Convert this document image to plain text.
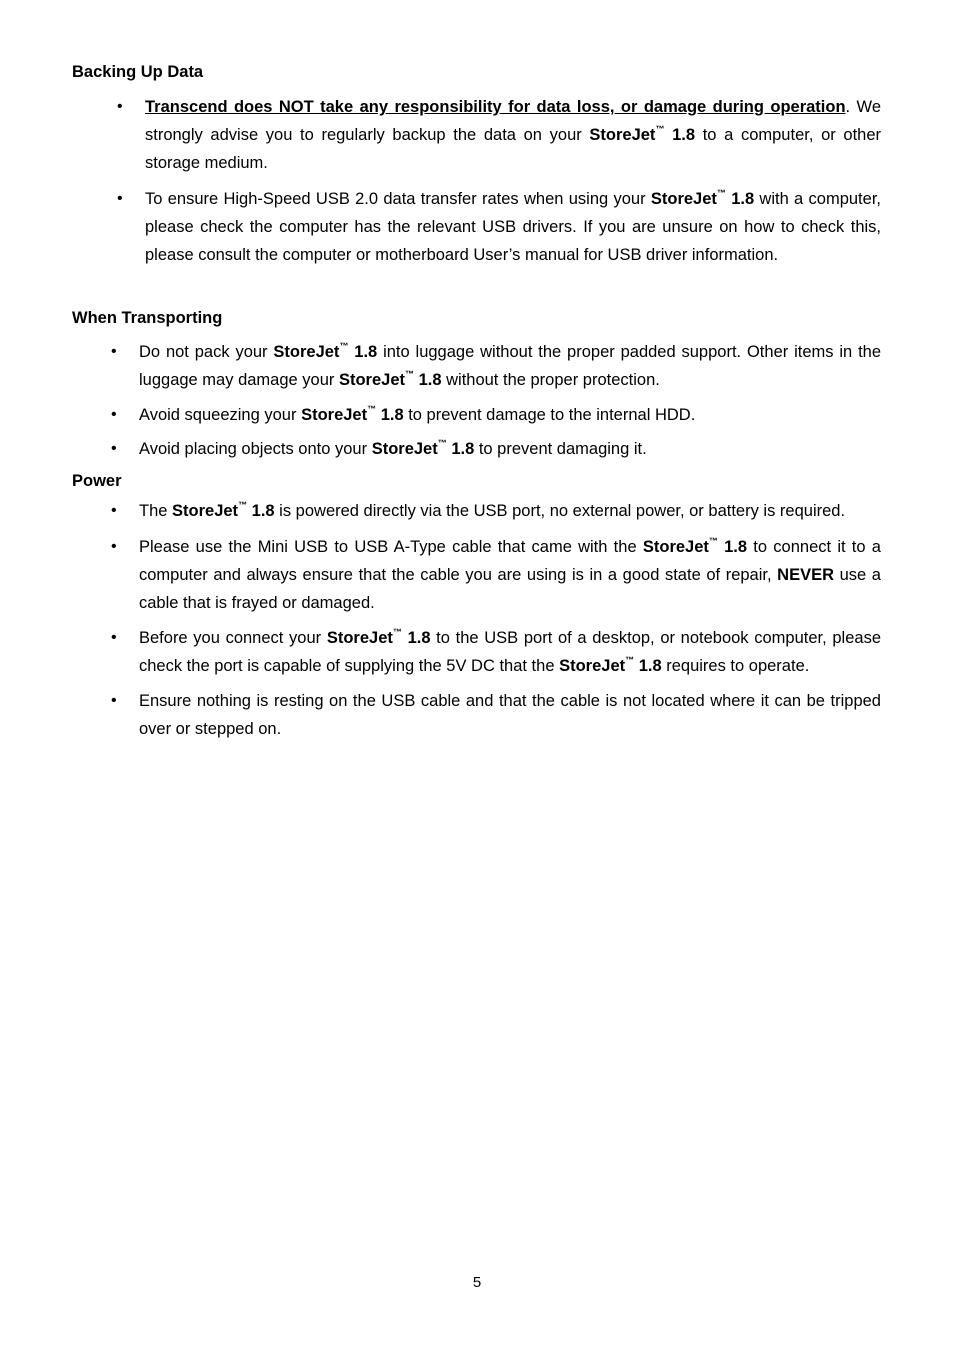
Backing Up Data
• Transcend does NOT take any responsibility for data loss, or damage during operation. We strongly advise you to regularly backup the data on your StoreJet™ 1.8 to a computer, or other storage medium.

• To ensure High-Speed USB 2.0 data transfer rates when using your StoreJet™ 1.8 with a computer, please check the computer has the relevant USB drivers. If you are unsure on how to check this, please consult the computer or motherboard User’s manual for USB driver information.

When Transporting
• Do not pack your StoreJet™ 1.8 into luggage without the proper padded support. Other items in the luggage may damage your StoreJet™ 1.8 without the proper protection.

• Avoid squeezing your StoreJet™ 1.8 to prevent damage to the internal HDD.

• Avoid placing objects onto your StoreJet™ 1.8 to prevent damaging it.

Power
• The StoreJet™ 1.8 is powered directly via the USB port, no external power, or battery is required.

• Please use the Mini USB to USB A-Type cable that came with the StoreJet™ 1.8 to connect it to a computer and always ensure that the cable you are using is in a good state of repair, NEVER use a cable that is frayed or damaged.

• Before you connect your StoreJet™ 1.8 to the USB port of a desktop, or notebook computer, please check the port is capable of supplying the 5V DC that the StoreJet™ 1.8 requires to operate.

• Ensure nothing is resting on the USB cable and that the cable is not located where it can be tripped over or stepped on.

5
